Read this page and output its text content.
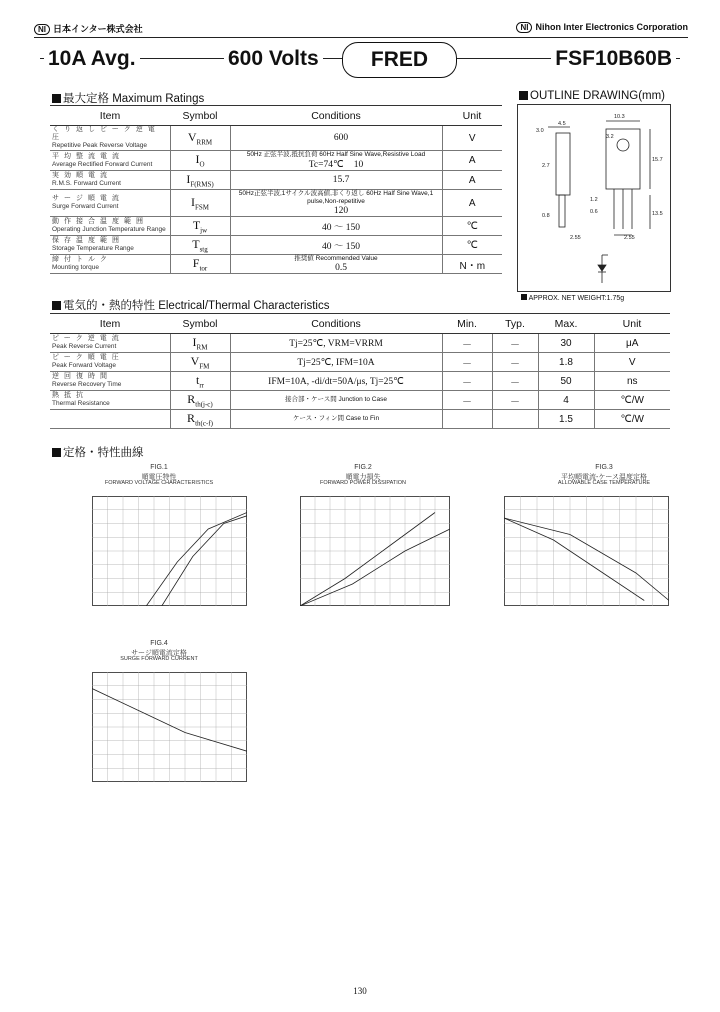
NI 日本インター株式会社	NI Nihon Inter Electronics Corporation
10A Avg.	600 Volts	FRED	FSF10B60B
最大定格 Maximum Ratings
Item	Symbol	Conditions	Unit

くり返しピーク逆電圧
Repetitive Peak Reverse Voltage	$V_{RRM}$	600	V

平均整流電流
Average Rectified Forward Current	$I_O$	50Hz 正弦半波,抵抗負荷 60Hz Half Sine Wave,Resistive Load
Tc=74℃ 10	A

実効順電流
R.M.S. Forward Current	$I_{F(RMS)}$	15.7	A

サージ順電流
Surge Forward Current	$I_{FSM}$	50Hz正弦半波,1サイクル波高値,非くり返し 60Hz Half Sine Wave,1 pulse,Non-repetitive
120	A

動作接合温度範囲
Operating Junction Temperature Range	$T_{jw}$	40 ～ 150	℃

保存温度範囲
Storage Temperature Range	$T_{stg}$	40 ～ 150	℃

締付トルク
Mounting torque	$F_{tor}$	推奨値 Recommended Value
0.5	N・m
OUTLINE DRAWING(mm)
4.5
10.3
3.2
3.0
15.7
2.7
13.5
0.8
0.6
2.55	2.55
1.2
APPROX. NET WEIGHT:1.75g
電気的・熱的特性 Electrical/Thermal Characteristics
Item	Symbol	Conditions	Min.	Typ.	Max.	Unit

ピーク逆電流
Peak Reverse Current	$I_{RM}$	Tj=25℃, VRM=VRRM	－	－	30	μA

ピーク順電圧
Peak Forward Voltage	$V_{FM}$	Tj=25℃, IFM=10A	－	－	1.8	V

逆回復時間
Reverse Recovery Time	$t_{rr}$	IFM=10A, -di/dt=50A/μs, Tj=25℃	－	－	50	ns

熱抵抗
Thermal Resistance	$R_{th(j-c)}$	接合部・ケース間 Junction to Case	－	－	4	℃/W

	$R_{th(c-f)}$	ケース・フィン間 Case to Fin			1.5	℃/W
定格・特性曲線
FIG.1
順電圧特性
FORWARD VOLTAGE CHARACTERISTICS
FIG.2
順電力損失
FORWARD POWER DISSIPATION
FIG.3
平均順電流-ケース温度定格
ALLOWABLE CASE TEMPERATURE
FIG.4
サージ順電流定格
SURGE FORWARD CURRENT
130
